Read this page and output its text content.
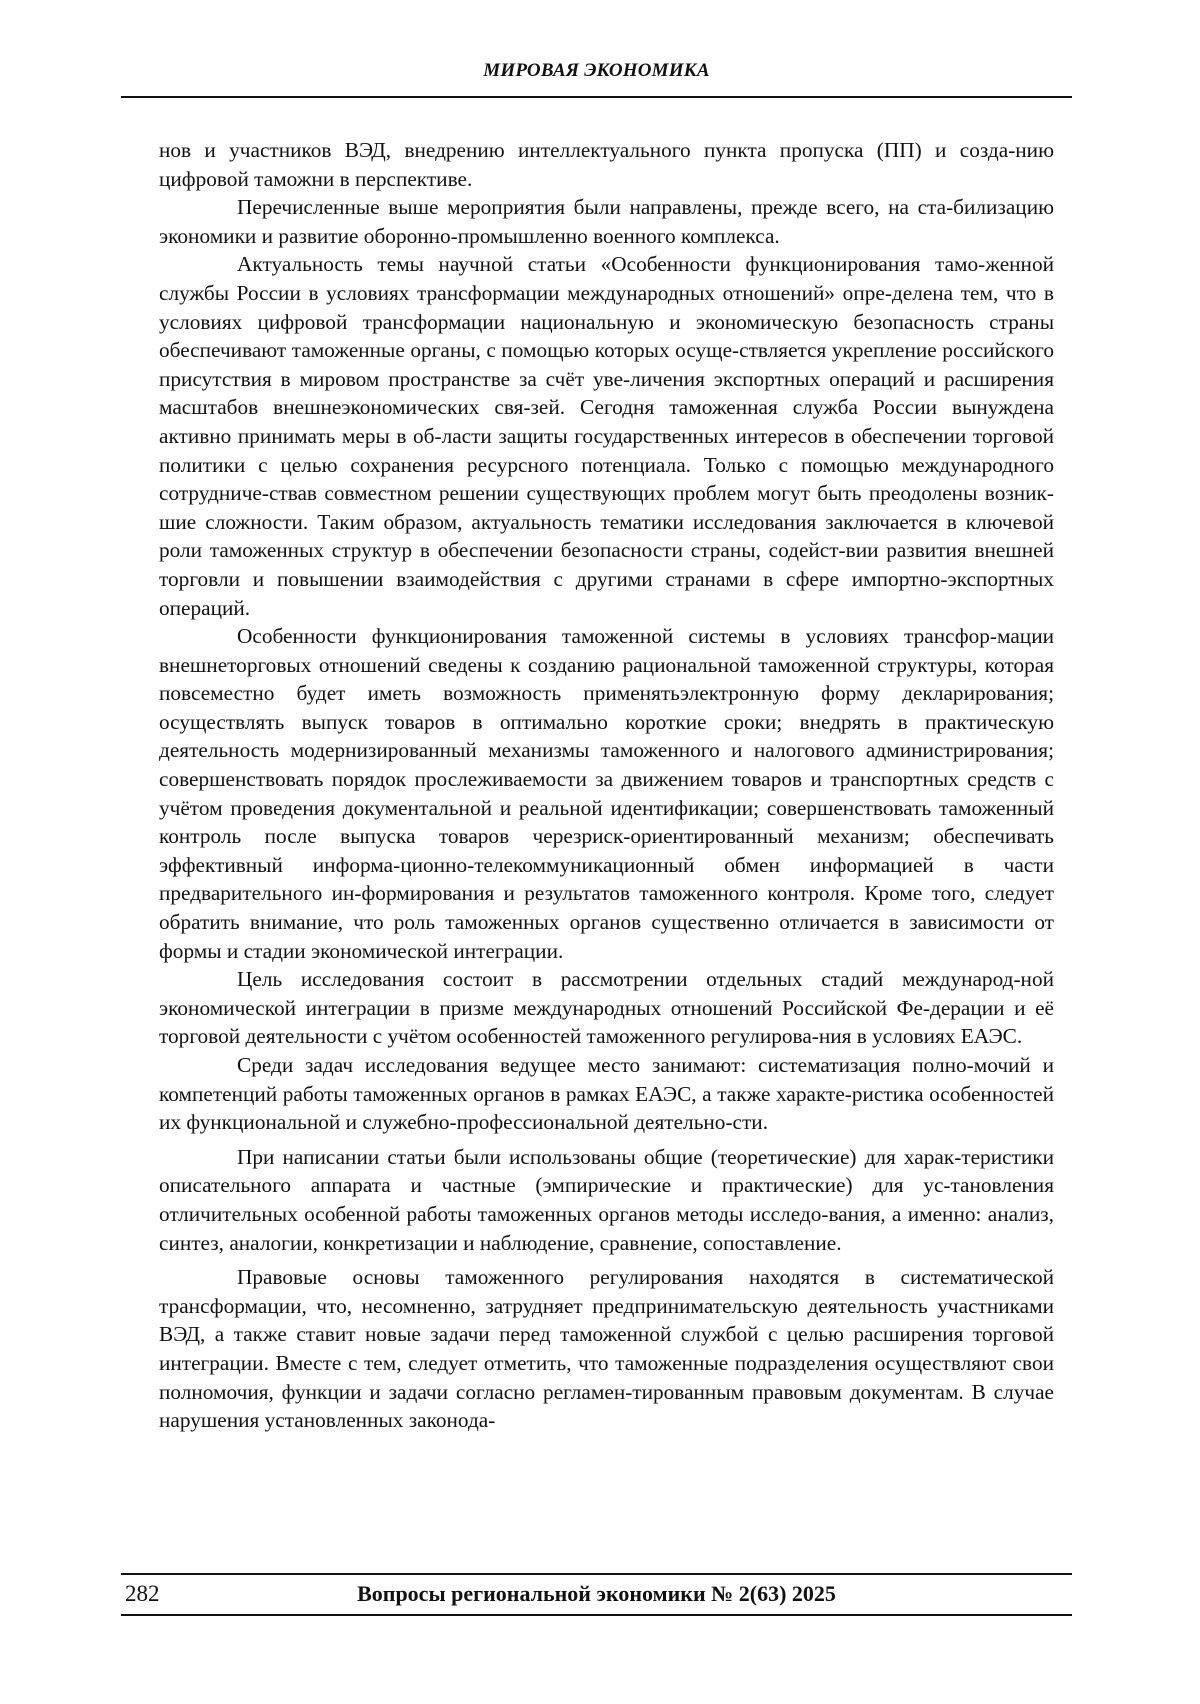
МИРОВАЯ ЭКОНОМИКА

нов и участников ВЭД, внедрению интеллектуального пункта пропуска (ПП) и созда-нию цифровой таможни в перспективе.

Перечисленные выше мероприятия были направлены, прежде всего, на ста-билизацию экономики и развитие оборонно-промышленно военного комплекса.

Актуальность темы научной статьи «Особенности функционирования тамо-женной службы России в условиях трансформации международных отношений» опре-делена тем, что в условиях цифровой трансформации национальную и экономическую безопасность страны обеспечивают таможенные органы, с помощью которых осуще-ствляется укрепление российского присутствия в мировом пространстве за счёт уве-личения экспортных операций и расширения масштабов внешнеэкономических свя-зей. Сегодня таможенная служба России вынуждена активно принимать меры в об-ласти защиты государственных интересов в обеспечении торговой политики с целью сохранения ресурсного потенциала. Только с помощью международного сотрудниче-ствав совместном решении существующих проблем могут быть преодолены возник-шие сложности. Таким образом, актуальность тематики исследования заключается в ключевой роли таможенных структур в обеспечении безопасности страны, содейст-вии развития внешней торговли и повышении взаимодействия с другими странами в сфере импортно-экспортных операций.

Особенности функционирования таможенной системы в условиях трансфор-мации внешнеторговых отношений сведены к созданию рациональной таможенной структуры, которая повсеместно будет иметь возможность применятьэлектронную форму декларирования; осуществлять выпуск товаров в оптимально короткие сроки; внедрять в практическую деятельность модернизированный механизмы таможенного и налогового администрирования; совершенствовать порядок прослеживаемости за движением товаров и транспортных средств с учётом проведения документальной и реальной идентификации; совершенствовать таможенный контроль после выпуска товаров черезриск-ориентированный механизм; обеспечивать эффективный информа-ционно-телекоммуникационный обмен информацией в части предварительного ин-формирования и результатов таможенного контроля. Кроме того, следует обратить внимание, что роль таможенных органов существенно отличается в зависимости от формы и стадии экономической интеграции.

Цель исследования состоит в рассмотрении отдельных стадий международ-ной экономической интеграции в призме международных отношений Российской Фе-дерации и её торговой деятельности с учётом особенностей таможенного регулирова-ния в условиях ЕАЭС.

Среди задач исследования ведущее место занимают: систематизация полно-мочий и компетенций работы таможенных органов в рамках ЕАЭС, а также характе-ристика особенностей их функциональной и служебно-профессиональной деятельно-сти.

При написании статьи были использованы общие (теоретические) для харак-теристики описательного аппарата и частные (эмпирические и практические) для ус-тановления отличительных особенной работы таможенных органов методы исследо-вания, а именно: анализ, синтез, аналогии, конкретизации и наблюдение, сравнение, сопоставление.

Правовые основы таможенного регулирования находятся в систематической трансформации, что, несомненно, затрудняет предпринимательскую деятельность участниками ВЭД, а также ставит новые задачи перед таможенной службой с целью расширения торговой интеграции. Вместе с тем, следует отметить, что таможенные подразделения осуществляют свои полномочия, функции и задачи согласно регламен-тированным правовым документам. В случае нарушения установленных законода-

282	Вопросы региональной экономики № 2(63) 2025
